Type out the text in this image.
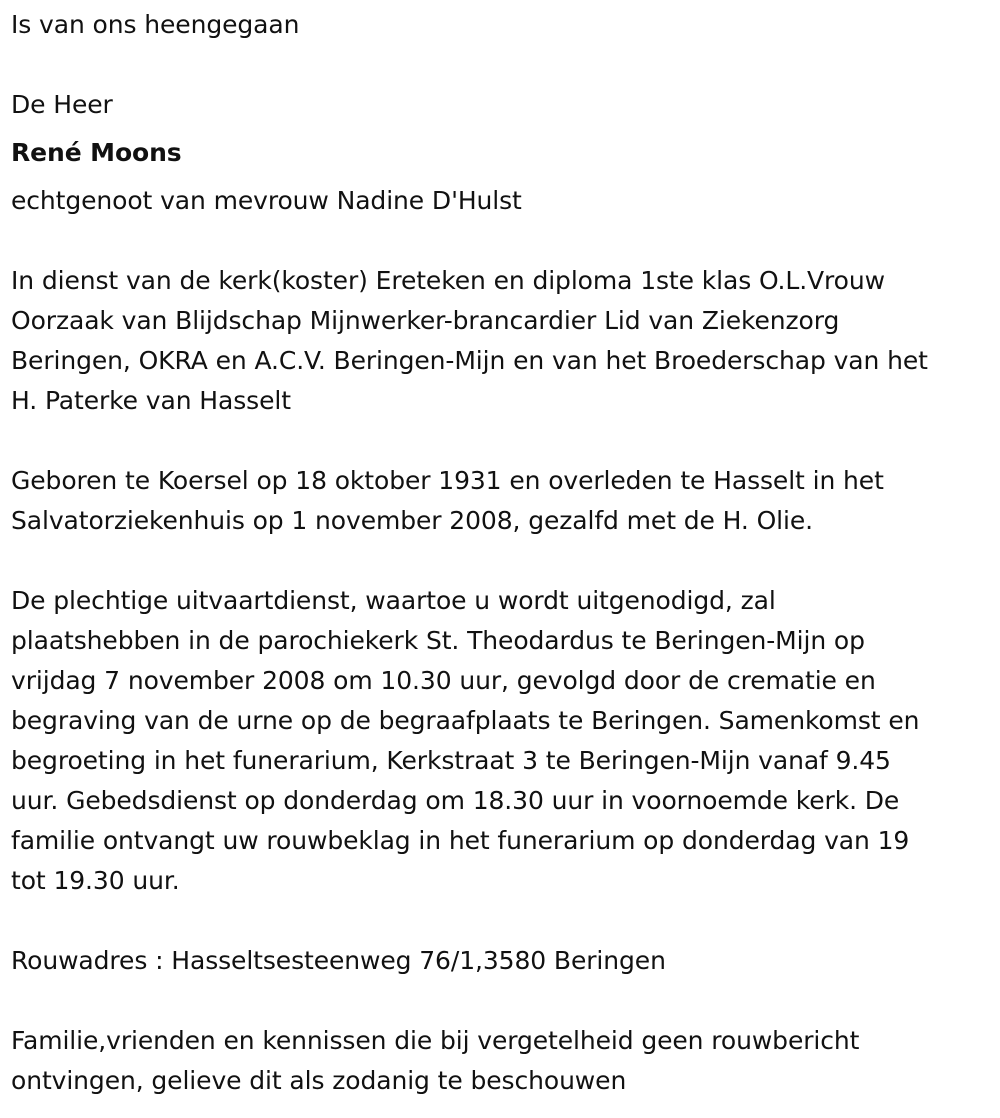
Is van ons heengegaan

De Heer

René Moons

echtgenoot van mevrouw Nadine D'Hulst

In dienst van de kerk(koster) Ereteken en diploma 1ste klas O.L.Vrouw
Oorzaak van Blijdschap Mijnwerker-brancardier Lid van Ziekenzorg
Beringen, OKRA en A.C.V. Beringen-Mijn en van het Broederschap van het
H. Paterke van Hasselt
Geboren te Koersel op 18 oktober 1931 en overleden te Hasselt in het
Salvatorziekenhuis op 1 november 2008, gezalfd met de H. Olie.
De plechtige uitvaartdienst, waartoe u wordt uitgenodigd, zal
plaatshebben in de parochiekerk St. Theodardus te Beringen-Mijn op
vrijdag 7 november 2008 om 10.30 uur, gevolgd door de crematie en
begraving van de urne op de begraafplaats te Beringen. Samenkomst en
begroeting in het funerarium, Kerkstraat 3 te Beringen-Mijn vanaf 9.45
uur. Gebedsdienst op donderdag om 18.30 uur in voornoemde kerk. De
familie ontvangt uw rouwbeklag in het funerarium op donderdag van 19
tot 19.30 uur.
Rouwadres : Hasseltsesteenweg 76/1,3580 Beringen
Familie,vrienden en kennissen die bij vergetelheid geen rouwbericht
ontvingen, gelieve dit als zodanig te beschouwen
